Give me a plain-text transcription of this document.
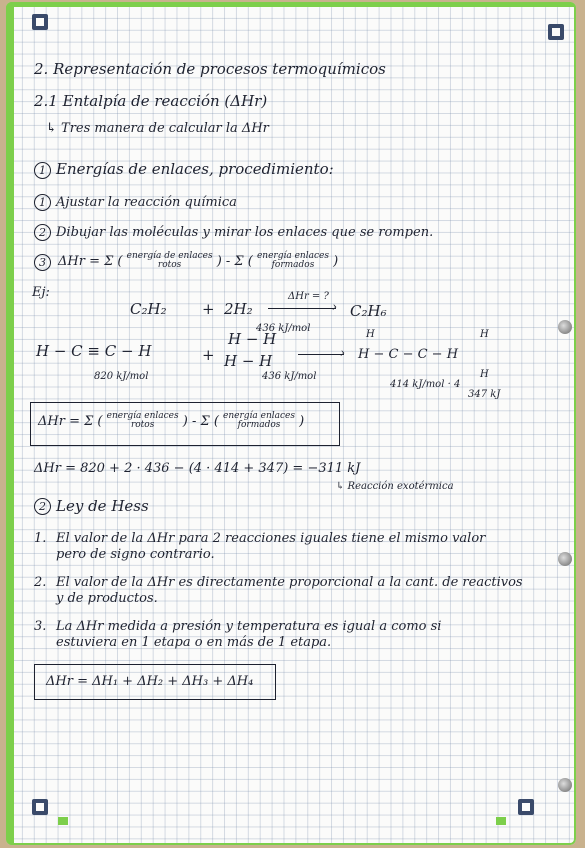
2. Representación de procesos termoquímicos
2.1 Entalpía de reacción (ΔHr)
↳ Tres manera de calcular la ΔHr
1 Energías de enlaces, procedimiento:
1 Ajustar la reacción química
2 Dibujar las moléculas y mirar los enlaces que se rompen.
3 ΔHr = Σ ( energía de enlaces
rotos	) - Σ ( energía enlaces
formados )
Ej:
C₂H₂ + 2H₂
ΔHr = ?
› C₂H₆
436 kJ/mol
H − H
H − C ≡ C − H	+ H − H	›
H
H − C − C − H
H
H
820 kJ/mol	436 kJ/mol
414 kJ/mol · 4
347 kJ
ΔHr = Σ ( energía enlaces
rotos ) - Σ ( energía enlaces
formados )
ΔHr = 820 + 2 · 436 − (4 · 414 + 347) = −311 kJ
↳ Reacción exotérmica
2 Ley de Hess
1. El valor de la ΔHr para 2 reacciones iguales tiene el mismo valor
pero de signo contrario.
2. El valor de la ΔHr es directamente proporcional a la cant. de reactivos
y de productos.
3. La ΔHr medida a presión y temperatura es igual a como si
estuviera en 1 etapa o en más de 1 etapa.
ΔHr = ΔH₁ + ΔH₂ + ΔH₃ + ΔH₄
